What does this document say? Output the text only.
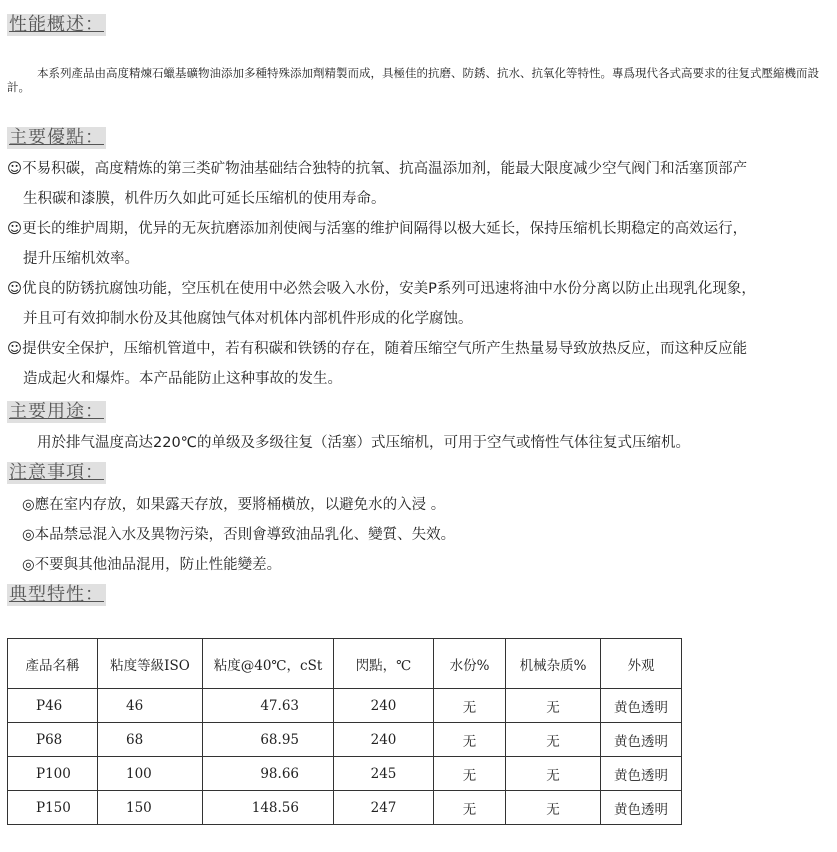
性能概述：
本系列產品由高度精煉石蠟基礦物油添加多種特殊添加劑精製而成，具極佳的抗磨、防銹、抗水、抗氧化等特性。專爲現代各式高要求的往复式壓縮機而設計。
主要優點：
☺不易积碳，高度精炼的第三类矿物油基础结合独特的抗氧、抗高温添加剂，能最大限度减少空气阀门和活塞顶部产
生积碳和漆膜，机件历久如此可延长压缩机的使用寿命。
☺更长的维护周期，优异的无灰抗磨添加剂使阀与活塞的维护间隔得以极大延长，保持压缩机长期稳定的高效运行，
提升压缩机效率。
☺优良的防锈抗腐蚀功能，空压机在使用中必然会吸入水份，安美P系列可迅速将油中水份分离以防止出现乳化现象，
并且可有效抑制水份及其他腐蚀气体对机体内部机件形成的化学腐蚀。
☺提供安全保护，压缩机管道中，若有积碳和铁锈的存在，随着压缩空气所产生热量易导致放热反应，而这种反应能
造成起火和爆炸。本产品能防止这种事故的发生。
主要用途：
用於排气温度高达220℃的单级及多级往复（活塞）式压缩机，可用于空气或惰性气体往复式压缩机。
注意事項：
◎應在室内存放，如果露天存放，要將桶橫放，以避免水的入浸 。
◎本品禁忌混入水及異物污染，否則會導致油品乳化、變質、失效。
◎不要與其他油品混用，防止性能變差。
典型特性：
產品名稱	粘度等級ISO	粘度@40℃，cSt	閃點，℃	水份%	机械杂质%	外观
P46	46	47.63	240	无	无	黄色透明
P68	68	68.95	240	无	无	黄色透明
P100	100	98.66	245	无	无	黄色透明
P150	150	148.56	247	无	无	黄色透明
